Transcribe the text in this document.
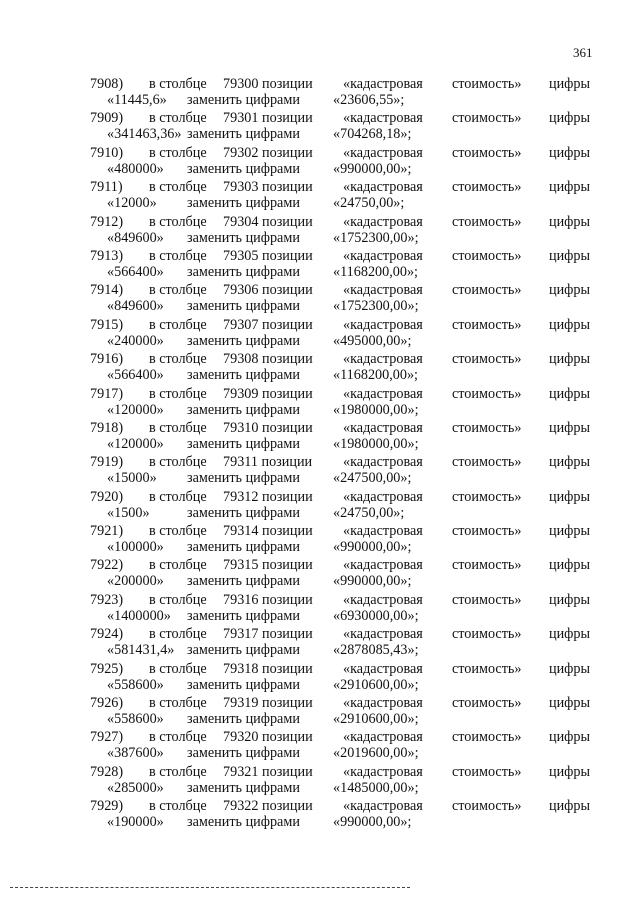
361
7908) в столбце 79300 позиции «кадастровая стоимость» цифры
«11445,6» заменить цифрами «23606,55»;
7909) в столбце 79301 позиции «кадастровая стоимость» цифры
«341463,36» заменить цифрами «704268,18»;
7910) в столбце 79302 позиции «кадастровая стоимость» цифры
«480000» заменить цифрами «990000,00»;
7911) в столбце 79303 позиции «кадастровая стоимость» цифры
«12000» заменить цифрами «24750,00»;
7912) в столбце 79304 позиции «кадастровая стоимость» цифры
«849600» заменить цифрами «1752300,00»;
7913) в столбце 79305 позиции «кадастровая стоимость» цифры
«566400» заменить цифрами «1168200,00»;
7914) в столбце 79306 позиции «кадастровая стоимость» цифры
«849600» заменить цифрами «1752300,00»;
7915) в столбце 79307 позиции «кадастровая стоимость» цифры
«240000» заменить цифрами «495000,00»;
7916) в столбце 79308 позиции «кадастровая стоимость» цифры
«566400» заменить цифрами «1168200,00»;
7917) в столбце 79309 позиции «кадастровая стоимость» цифры
«120000» заменить цифрами «1980000,00»;
7918) в столбце 79310 позиции «кадастровая стоимость» цифры
«120000» заменить цифрами «1980000,00»;
7919) в столбце 79311 позиции «кадастровая стоимость» цифры
«15000» заменить цифрами «247500,00»;
7920) в столбце 79312 позиции «кадастровая стоимость» цифры
«1500»	заменить цифрами «24750,00»;
7921) в столбце 79314 позиции «кадастровая стоимость» цифры
«100000» заменить цифрами «990000,00»;
7922) в столбце 79315 позиции «кадастровая стоимость» цифры
«200000» заменить цифрами «990000,00»;
7923) в столбце 79316 позиции «кадастровая стоимость» цифры
«1400000» заменить цифрами «6930000,00»;
7924) в столбце 79317 позиции «кадастровая стоимость» цифры
«581431,4» заменить цифрами «2878085,43»;
7925) в столбце 79318 позиции «кадастровая стоимость» цифры
«558600» заменить цифрами «2910600,00»;
7926) в столбце 79319 позиции «кадастровая стоимость» цифры
«558600» заменить цифрами «2910600,00»;
7927) в столбце 79320 позиции «кадастровая стоимость» цифры
«387600» заменить цифрами «2019600,00»;
7928) в столбце 79321 позиции «кадастровая стоимость» цифры
«285000» заменить цифрами «1485000,00»;
7929) в столбце 79322 позиции «кадастровая стоимость» цифры
«190000» заменить цифрами «990000,00»;
